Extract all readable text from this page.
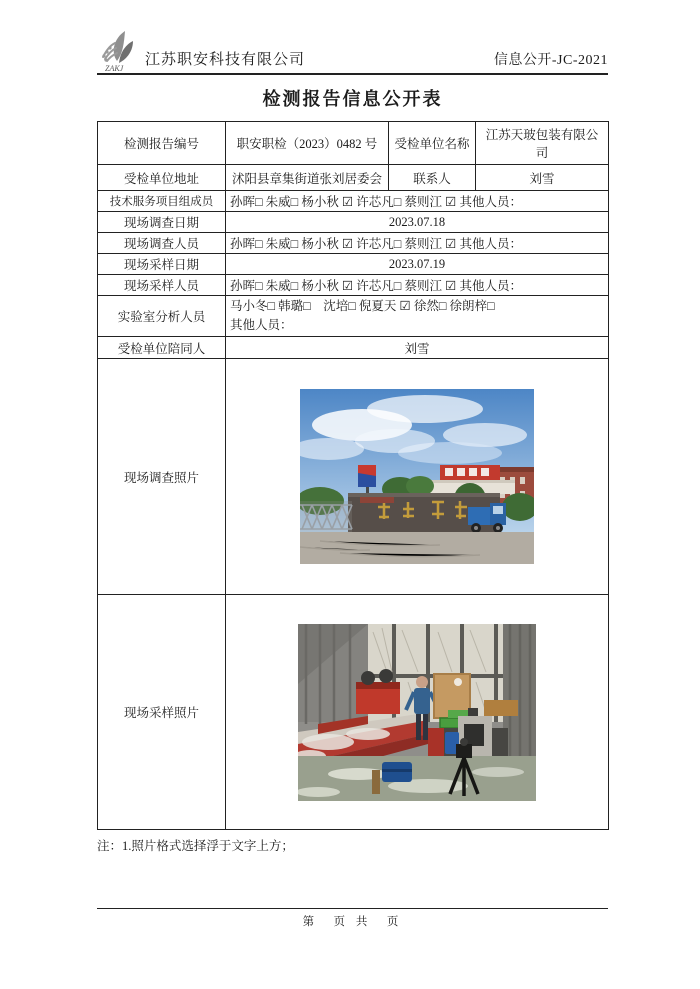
ZAKJ
江苏职安科技有限公司	信息公开-JC-2021
检测报告信息公开表
检测报告编号	职安职检（2023）0482 号	受检单位名称	江苏天玻包装有限公司
受检单位地址	沭阳县章集街道张刘居委会	联系人	刘雪
技术服务项目组成员	孙晖□ 朱威□ 杨小秋 ☑ 许芯凡□ 蔡则江 ☑ 其他人员：		
现场调查日期	2023.07.18		
现场调查人员	孙晖□ 朱威□ 杨小秋 ☑ 许芯凡□ 蔡则江 ☑ 其他人员：		
现场采样日期	2023.07.19		
现场采样人员	孙晖□ 朱威□ 杨小秋 ☑ 许芯凡□ 蔡则江 ☑ 其他人员：		
实验室分析人员	马小冬□ 韩璐□　沈培□ 倪夏天 ☑ 徐然□ 徐朗梓□
其他人员：		

受检单位陪同人	刘雪		
现场调查照片	

现场采样照片	
注：1.照片格式选择浮于文字上方；
第　页 共　页
